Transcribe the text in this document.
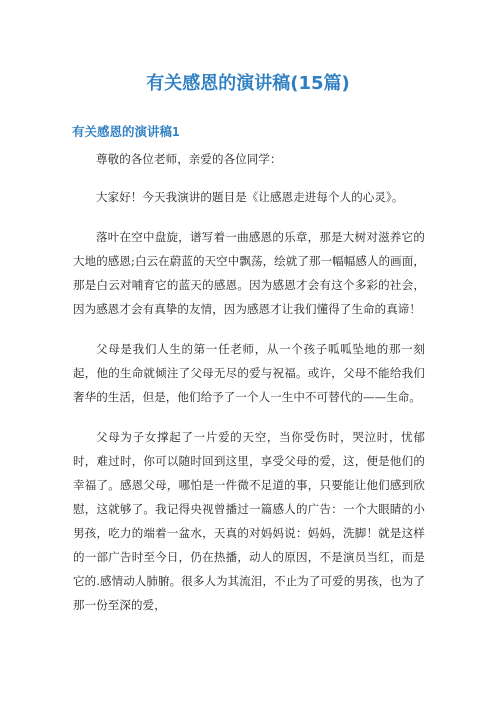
有关感恩的演讲稿(15篇)
有关感恩的演讲稿1

尊敬的各位老师，亲爱的各位同学：

大家好！今天我演讲的题目是《让感恩走进每个人的心灵》。

落叶在空中盘旋，谱写着一曲感恩的乐章，那是大树对滋养它的大地的感恩;白云在蔚蓝的天空中飘荡，绘就了那一幅幅感人的画面，那是白云对哺育它的蓝天的感恩。因为感恩才会有这个多彩的社会，因为感恩才会有真挚的友情，因为感恩才让我们懂得了生命的真谛！

父母是我们人生的第一任老师，从一个孩子呱呱坠地的那一刻起，他的生命就倾注了父母无尽的爱与祝福。或许，父母不能给我们奢华的生活，但是，他们给予了一个人一生中不可替代的——生命。

父母为子女撑起了一片爱的天空，当你受伤时，哭泣时，忧郁时，难过时，你可以随时回到这里，享受父母的爱，这，便是他们的幸福了。感恩父母，哪怕是一件微不足道的事，只要能让他们感到欣慰，这就够了。我记得央视曾播过一篇感人的广告：一个大眼睛的小男孩，吃力的端着一盆水，天真的对妈妈说：妈妈，洗脚！就是这样的一部广告时至今日，仍在热播，动人的原因，不是演员当红，而是它的.感情动人肺腑。很多人为其流泪，不止为了可爱的男孩，也为了那一份至深的爱，
